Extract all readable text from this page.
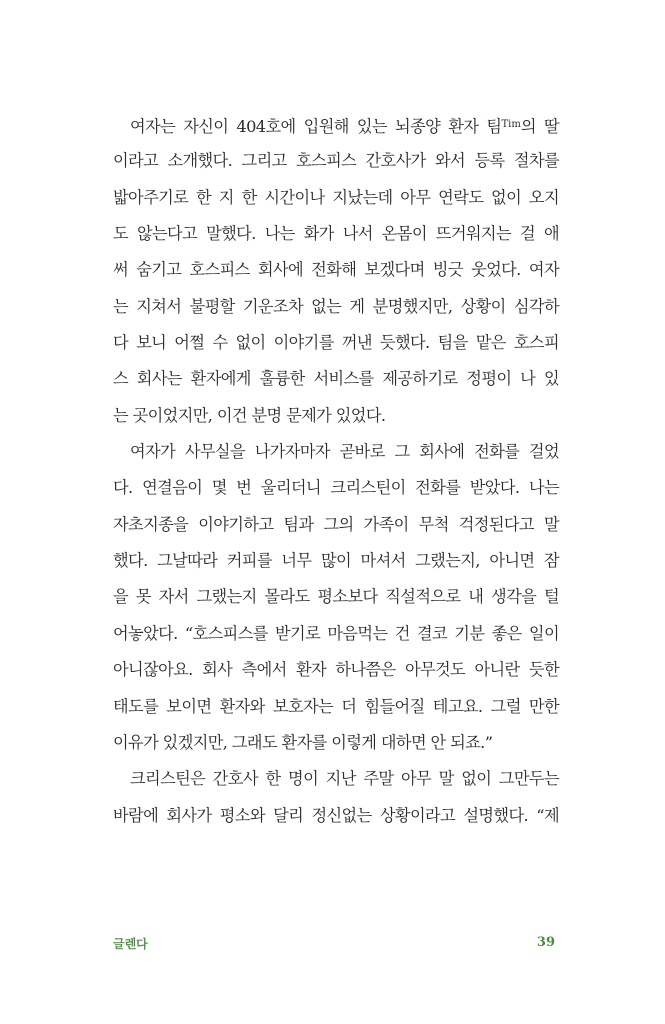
여자는 자신이 404호에 입원해 있는 뇌종양 환자 팀$^{Tim}$의 딸
이라고 소개했다. 그리고 호스피스 간호사가 와서 등록 절차를
밟아주기로 한 지 한 시간이나 지났는데 아무 연락도 없이 오지
도 않는다고 말했다. 나는 화가 나서 온몸이 뜨거워지는 걸 애
써 숨기고 호스피스 회사에 전화해 보겠다며 빙긋 웃었다. 여자
는 지쳐서 불평할 기운조차 없는 게 분명했지만, 상황이 심각하
다 보니 어쩔 수 없이 이야기를 꺼낸 듯했다. 팀을 맡은 호스피
스 회사는 환자에게 훌륭한 서비스를 제공하기로 정평이 나 있
는 곳이었지만, 이건 분명 문제가 있었다.
여자가 사무실을 나가자마자 곧바로 그 회사에 전화를 걸었
다. 연결음이 몇 번 울리더니 크리스틴이 전화를 받았다. 나는
자초지종을 이야기하고 팀과 그의 가족이 무척 걱정된다고 말
했다. 그날따라 커피를 너무 많이 마셔서 그랬는지, 아니면 잠
을 못 자서 그랬는지 몰라도 평소보다 직설적으로 내 생각을 털
어놓았다. “호스피스를 받기로 마음먹는 건 결코 기분 좋은 일이
아니잖아요. 회사 측에서 환자 하나쯤은 아무것도 아니란 듯한
태도를 보이면 환자와 보호자는 더 힘들어질 테고요. 그럴 만한
이유가 있겠지만, 그래도 환자를 이렇게 대하면 안 되죠.”
크리스틴은 간호사 한 명이 지난 주말 아무 말 없이 그만두는
바람에 회사가 평소와 달리 정신없는 상황이라고 설명했다. “제
글렌다	39
